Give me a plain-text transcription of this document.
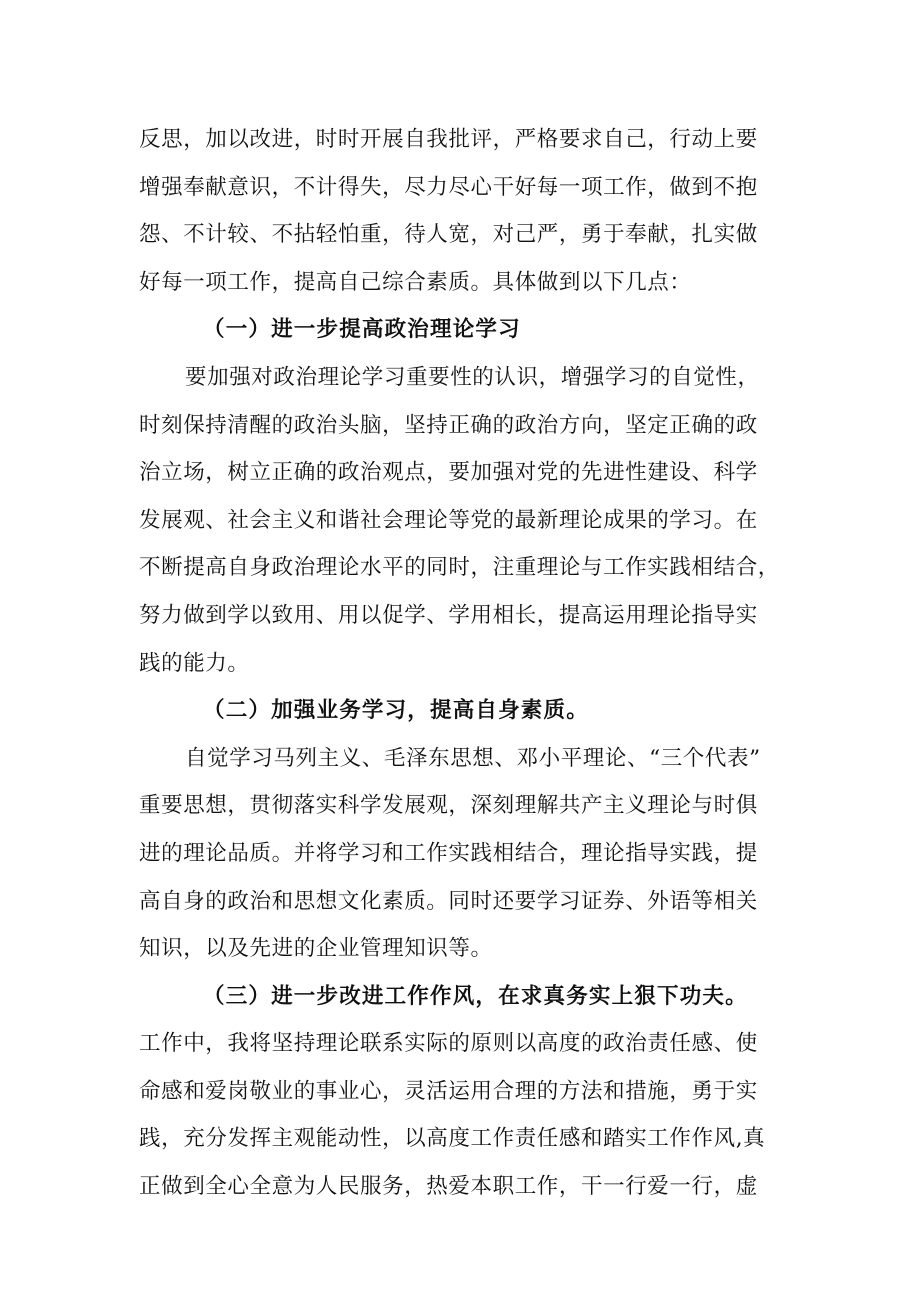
反思，加以改进，时时开展自我批评，严格要求自己，行动上要
增强奉献意识，不计得失，尽力尽心干好每一项工作，做到不抱
怨、不计较、不拈轻怕重，待人宽，对己严，勇于奉献，扎实做
好每一项工作，提高自己综合素质。具体做到以下几点：
（一）进一步提高政治理论学习
要加强对政治理论学习重要性的认识，增强学习的自觉性，
时刻保持清醒的政治头脑，坚持正确的政治方向，坚定正确的政
治立场，树立正确的政治观点，要加强对党的先进性建设、科学
发展观、社会主义和谐社会理论等党的最新理论成果的学习。在
不断提高自身政治理论水平的同时，注重理论与工作实践相结合，
努力做到学以致用、用以促学、学用相长，提高运用理论指导实
践的能力。
（二）加强业务学习，提高自身素质。
自觉学习马列主义、毛泽东思想、邓小平理论、“三个代表”
重要思想，贯彻落实科学发展观，深刻理解共产主义理论与时俱
进的理论品质。并将学习和工作实践相结合，理论指导实践，提
高自身的政治和思想文化素质。同时还要学习证券、外语等相关
知识，以及先进的企业管理知识等。
（三）进一步改进工作作风，在求真务实上狠下功夫。
工作中，我将坚持理论联系实际的原则以高度的政治责任感、使
命感和爱岗敬业的事业心，灵活运用合理的方法和措施，勇于实
践，充分发挥主观能动性，以高度工作责任感和踏实工作作风,真
正做到全心全意为人民服务，热爱本职工作，干一行爱一行，虚
